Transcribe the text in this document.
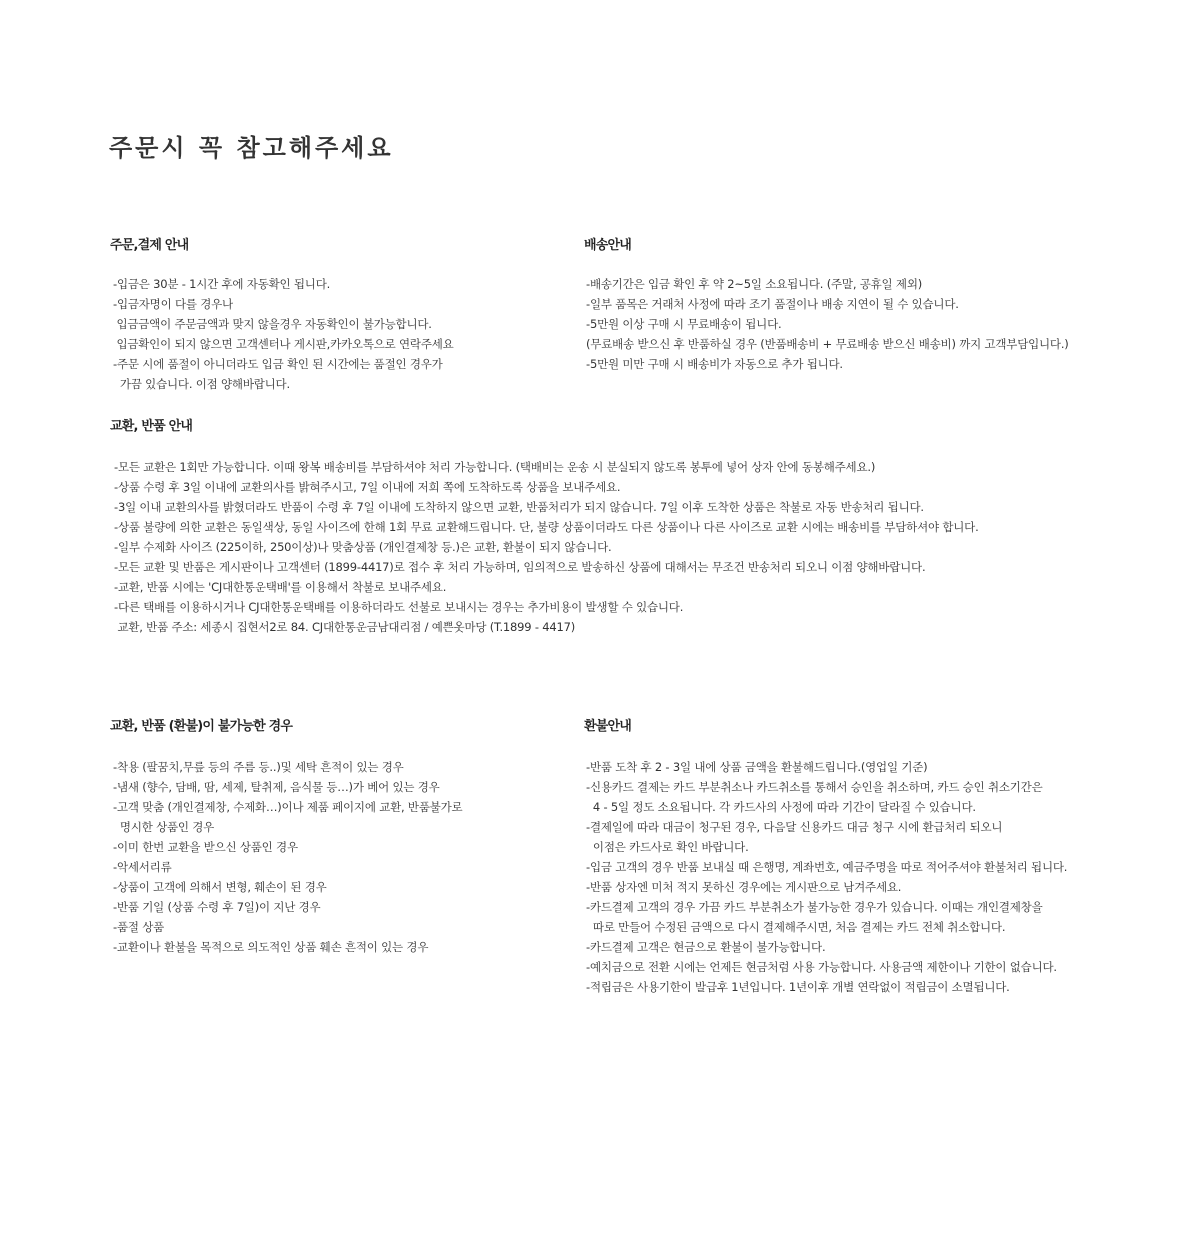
주문시 꼭 참고해주세요
주문,결제 안내
-입금은 30분 - 1시간 후에 자동확인 됩니다.
-입금자명이 다를 경우나
입금금액이 주문금액과 맞지 않을경우 자동확인이 불가능합니다.
입금확인이 되지 않으면 고객센터나 게시판,카카오톡으로 연락주세요
-주문 시에 품절이 아니더라도 입금 확인 된 시간에는 품절인 경우가
가끔 있습니다. 이점 양해바랍니다.
배송안내
-배송기간은 입금 확인 후 약 2~5일 소요됩니다. (주말, 공휴일 제외)
-일부 품목은 거래처 사정에 따라 조기 품절이나 배송 지연이 될 수 있습니다.
-5만원 이상 구매 시 무료배송이 됩니다.
(무료배송 받으신 후 반품하실 경우 (반품배송비 + 무료배송 받으신 배송비) 까지 고객부담입니다.)
-5만원 미만 구매 시 배송비가 자동으로 추가 됩니다.
교환, 반품 안내
-모든 교환은 1회만 가능합니다. 이때 왕복 배송비를 부담하셔야 처리 가능합니다. (택배비는 운송 시 분실되지 않도록 봉투에 넣어 상자 안에 동봉해주세요.)
-상품 수령 후 3일 이내에 교환의사를 밝혀주시고, 7일 이내에 저희 쪽에 도착하도록 상품을 보내주세요.
-3일 이내 교환의사를 밝혔더라도 반품이 수령 후 7일 이내에 도착하지 않으면 교환, 반품처리가 되지 않습니다. 7일 이후 도착한 상품은 착불로 자동 반송처리 됩니다.
-상품 불량에 의한 교환은 동일색상, 동일 사이즈에 한해 1회 무료 교환해드립니다. 단, 불량 상품이더라도 다른 상품이나 다른 사이즈로 교환 시에는 배송비를 부담하셔야 합니다.
-일부 수제화 사이즈 (225이하, 250이상)나 맞춤상품 (개인결제창 등.)은 교환, 환불이 되지 않습니다.
-모든 교환 및 반품은 게시판이나 고객센터 (1899-4417)로 접수 후 처리 가능하며, 임의적으로 발송하신 상품에 대해서는 무조건 반송처리 되오니 이점 양해바랍니다.
-교환, 반품 시에는 'CJ대한통운택배'를 이용해서 착불로 보내주세요.
-다른 택배를 이용하시거나 CJ대한통운택배를 이용하더라도 선불로 보내시는 경우는 추가비용이 발생할 수 있습니다.
교환, 반품 주소: 세종시 집현서2로 84. CJ대한통운금남대리점 / 예쁜옷마당 (T.1899 - 4417)
교환, 반품 (환불)이 불가능한 경우
-착용 (팔꿈치,무릎 등의 주름 등..)및 세탁 흔적이 있는 경우
-냄새 (향수, 담배, 땀, 세제, 탈취제, 음식물 등…)가 베어 있는 경우
-고객 맞춤 (개인결제창, 수제화…)이나 제품 페이지에 교환, 반품불가로
명시한 상품인 경우
-이미 한번 교환을 받으신 상품인 경우
-악세서리류
-상품이 고객에 의해서 변형, 훼손이 된 경우
-반품 기일 (상품 수령 후 7일)이 지난 경우
-품절 상품
-교환이나 환불을 목적으로 의도적인 상품 훼손 흔적이 있는 경우
환불안내
-반품 도착 후 2 - 3일 내에 상품 금액을 환불해드립니다.(영업일 기준)
-신용카드 결제는 카드 부분취소나 카드취소를 통해서 승인을 취소하며, 카드 승인 취소기간은
4 - 5일 정도 소요됩니다. 각 카드사의 사정에 따라 기간이 달라질 수 있습니다.
-결제일에 따라 대금이 청구된 경우, 다음달 신용카드 대금 청구 시에 환급처리 되오니
이점은 카드사로 확인 바랍니다.
-입금 고객의 경우 반품 보내실 때 은행명, 계좌번호, 예금주명을 따로 적어주셔야 환불처리 됩니다.
-반품 상자엔 미처 적지 못하신 경우에는 게시판으로 남겨주세요.
-카드결제 고객의 경우 가끔 카드 부분취소가 불가능한 경우가 있습니다. 이때는 개인결제창을
따로 만들어 수정된 금액으로 다시 결제해주시면, 처음 결제는 카드 전체 취소합니다.
-카드결제 고객은 현금으로 환불이 불가능합니다.
-예치금으로 전환 시에는 언제든 현금처럼 사용 가능합니다. 사용금액 제한이나 기한이 없습니다.
-적립금은 사용기한이 발급후 1년입니다. 1년이후 개별 연락없이 적립금이 소멸됩니다.
